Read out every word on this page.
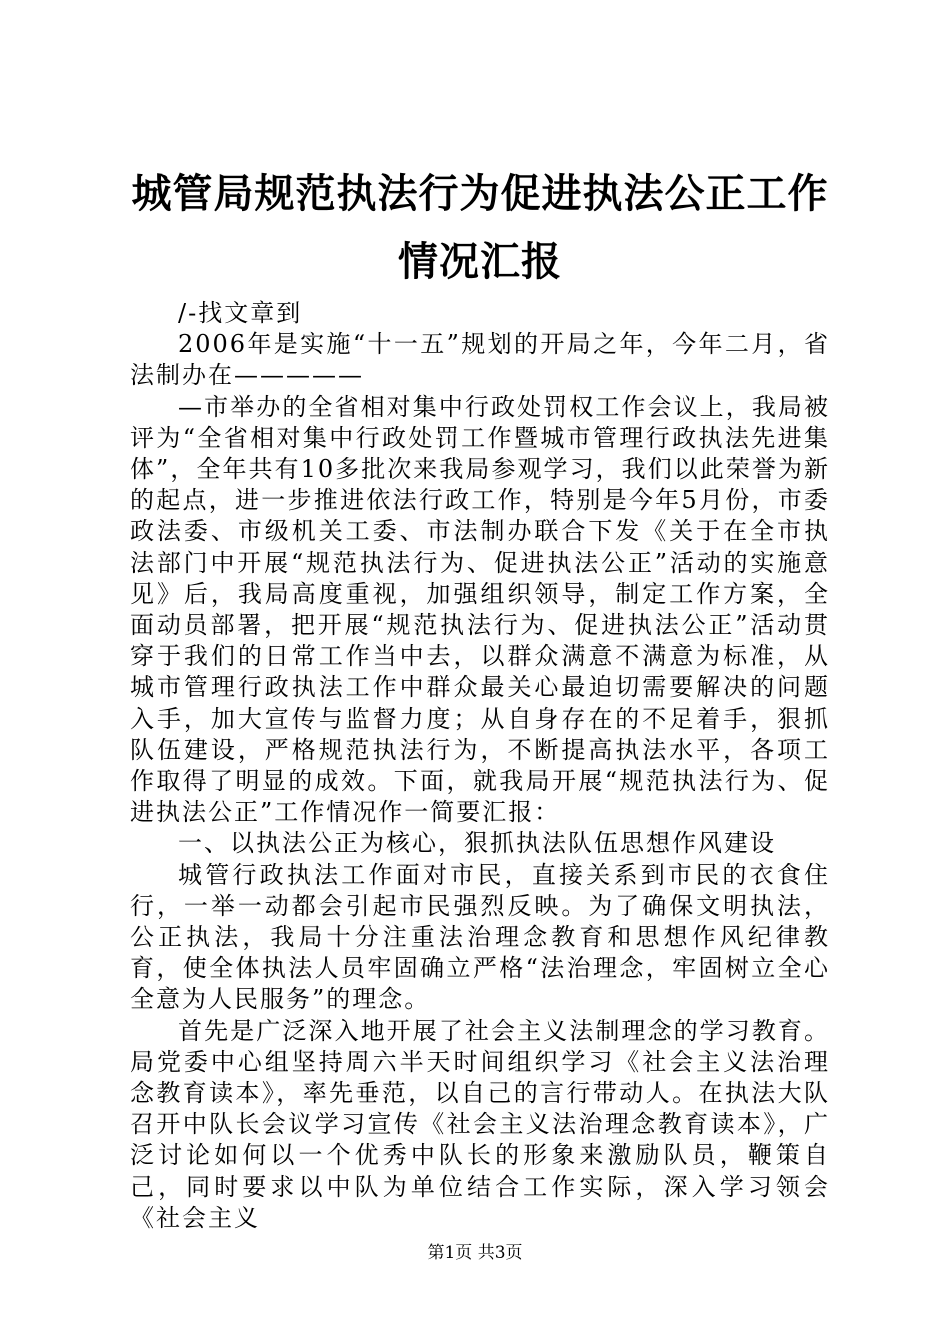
城管局规范执法行为促进执法公正工作情况汇报

/-找文章到

2006年是实施“十一五”规划的开局之年，今年二月，省法制办在—————

—市举办的全省相对集中行政处罚权工作会议上，我局被评为“全省相对集中行政处罚工作暨城市管理行政执法先进集体”，全年共有10多批次来我局参观学习，我们以此荣誉为新的起点，进一步推进依法行政工作，特别是今年5月份，市委政法委、市级机关工委、市法制办联合下发《关于在全市执法部门中开展“规范执法行为、促进执法公正”活动的实施意见》后，我局高度重视，加强组织领导，制定工作方案，全面动员部署，把开展“规范执法行为、促进执法公正”活动贯穿于我们的日常工作当中去，以群众满意不满意为标准，从城市管理行政执法工作中群众最关心最迫切需要解决的问题入手，加大宣传与监督力度；从自身存在的不足着手，狠抓队伍建设，严格规范执法行为，不断提高执法水平，各项工作取得了明显的成效。下面，就我局开展“规范执法行为、促进执法公正”工作情况作一简要汇报：

一、以执法公正为核心，狠抓执法队伍思想作风建设

城管行政执法工作面对市民，直接关系到市民的衣食住行，一举一动都会引起市民强烈反映。为了确保文明执法，公正执法，我局十分注重法治理念教育和思想作风纪律教育，使全体执法人员牢固确立严格“法治理念，牢固树立全心全意为人民服务”的理念。

首先是广泛深入地开展了社会主义法制理念的学习教育。局党委中心组坚持周六半天时间组织学习《社会主义法治理念教育读本》，率先垂范，以自己的言行带动人。在执法大队召开中队长会议学习宣传《社会主义法治理念教育读本》，广泛讨论如何以一个优秀中队长的形象来激励队员，鞭策自己，同时要求以中队为单位结合工作实际，深入学习领会《社会主义

第1页 共3页
